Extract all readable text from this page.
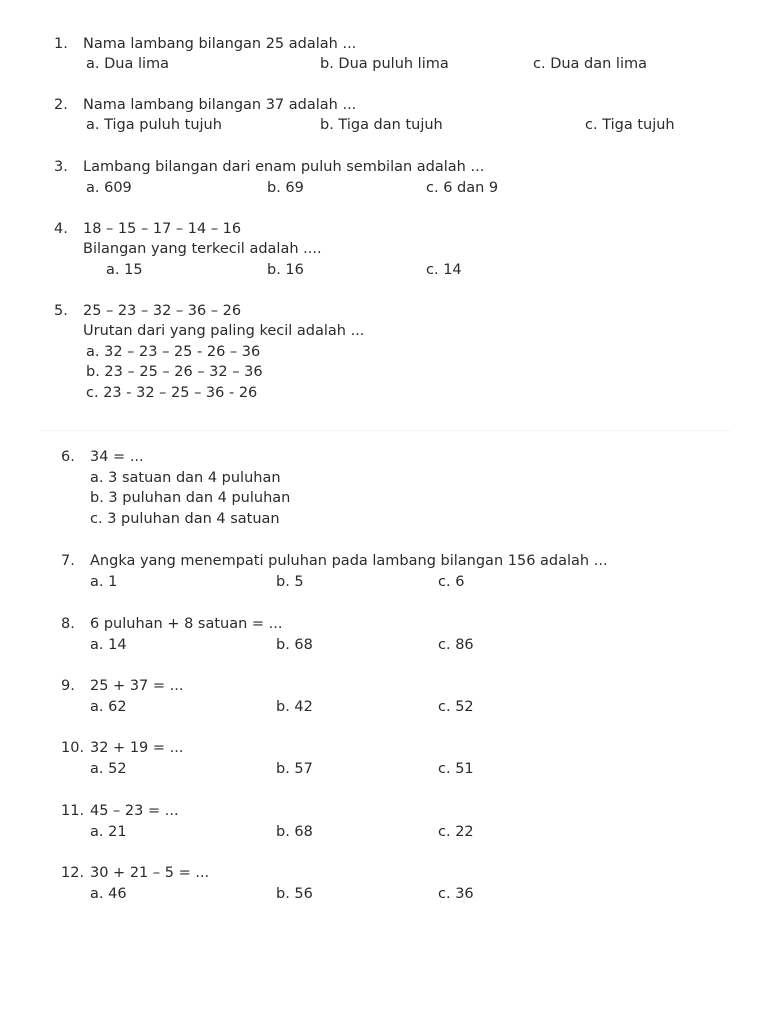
1. Nama lambang bilangan 25 adalah ...
a. Dua lima	b. Dua puluh lima	c. Dua dan lima
2. Nama lambang bilangan 37 adalah ...
a. Tiga puluh tujuh	b. Tiga dan tujuh	c. Tiga tujuh
3. Lambang bilangan dari enam puluh sembilan adalah ...
a. 609	b. 69	c. 6 dan 9
4. 18 – 15 – 17 – 14 – 16
Bilangan yang terkecil adalah ....
a. 15	b. 16	c. 14
5. 25 – 23 – 32 – 36 – 26
Urutan dari yang paling kecil adalah ...
a. 32 – 23 – 25 - 26 – 36
b. 23 – 25 – 26 – 32 – 36
c. 23 - 32 – 25 – 36 - 26
6. 34 = ...
a. 3 satuan dan 4 puluhan
b. 3 puluhan dan 4 puluhan
c. 3 puluhan dan 4 satuan
7. Angka yang menempati puluhan pada lambang bilangan 156 adalah ...
a. 1	b. 5	c. 6
8. 6 puluhan + 8 satuan = ...
a. 14	b. 68	c. 86
9. 25 + 37 = ...
a. 62	b. 42	c. 52
10. 32 + 19 = ...
a. 52	b. 57	c. 51
11. 45 – 23 = ...
a. 21	b. 68	c. 22
12. 30 + 21 – 5 = ...
a. 46	b. 56	c. 36
